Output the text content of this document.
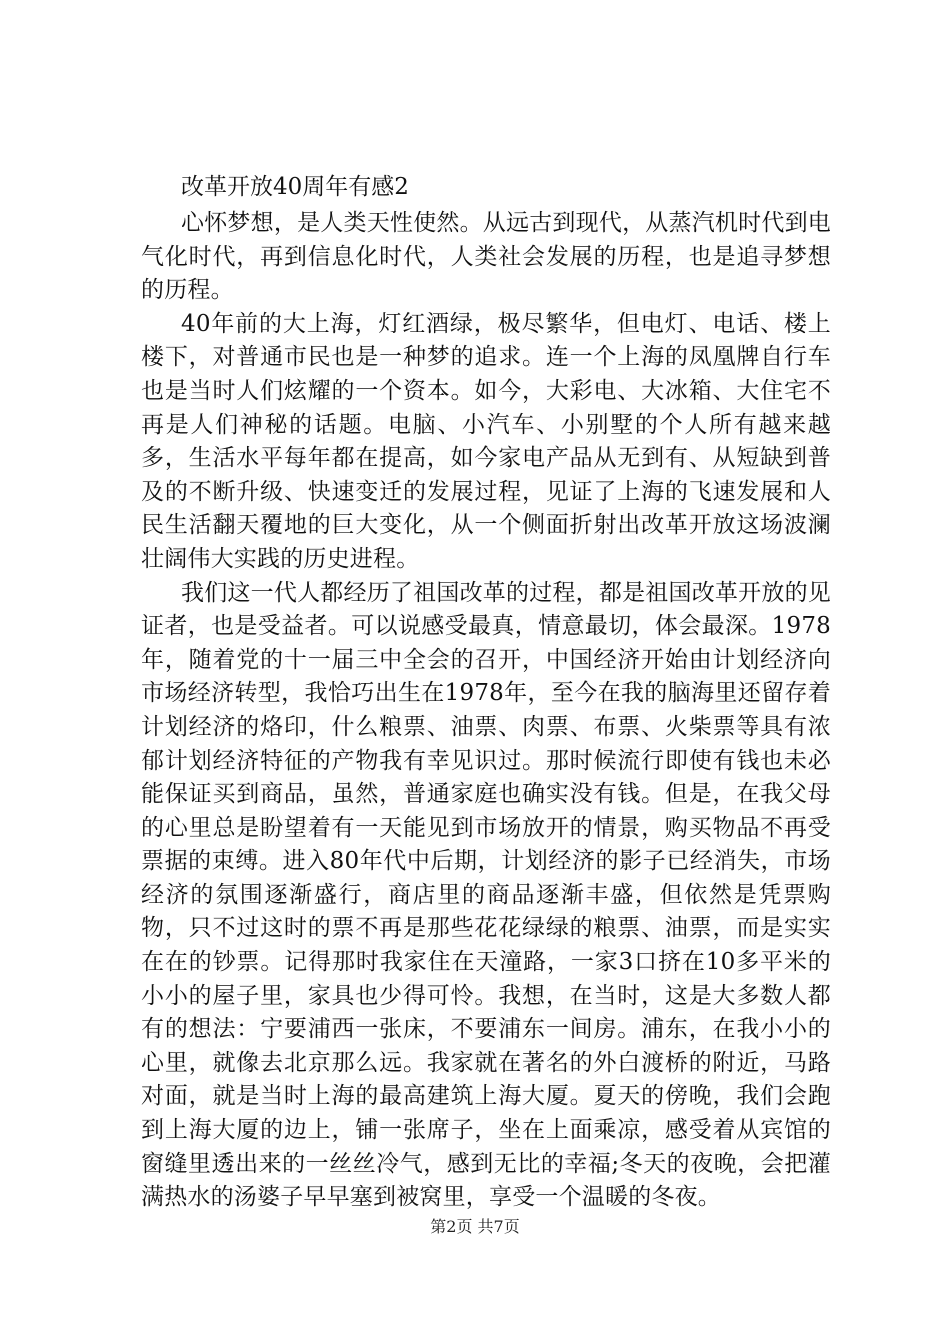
改革开放40周年有感2

心怀梦想，是人类天性使然。从远古到现代，从蒸汽机时代到电气化时代，再到信息化时代，人类社会发展的历程，也是追寻梦想的历程。

40年前的大上海，灯红酒绿，极尽繁华，但电灯、电话、楼上楼下，对普通市民也是一种梦的追求。连一个上海的凤凰牌自行车也是当时人们炫耀的一个资本。如今，大彩电、大冰箱、大住宅不再是人们神秘的话题。电脑、小汽车、小别墅的个人所有越来越多，生活水平每年都在提高，如今家电产品从无到有、从短缺到普及的不断升级、快速变迁的发展过程，见证了上海的飞速发展和人民生活翻天覆地的巨大变化，从一个侧面折射出改革开放这场波澜壮阔伟大实践的历史进程。

我们这一代人都经历了祖国改革的过程，都是祖国改革开放的见证者，也是受益者。可以说感受最真，情意最切，体会最深。1978年，随着党的十一届三中全会的召开，中国经济开始由计划经济向市场经济转型，我恰巧出生在1978年，至今在我的脑海里还留存着计划经济的烙印，什么粮票、油票、肉票、布票、火柴票等具有浓郁计划经济特征的产物我有幸见识过。那时候流行即使有钱也未必能保证买到商品，虽然，普通家庭也确实没有钱。但是，在我父母的心里总是盼望着有一天能见到市场放开的情景，购买物品不再受票据的束缚。进入80年代中后期，计划经济的影子已经消失，市场经济的氛围逐渐盛行，商店里的商品逐渐丰盛，但依然是凭票购物，只不过这时的票不再是那些花花绿绿的粮票、油票，而是实实在在的钞票。记得那时我家住在天潼路，一家3口挤在10多平米的小小的屋子里，家具也少得可怜。我想，在当时，这是大多数人都有的想法：宁要浦西一张床，不要浦东一间房。浦东，在我小小的心里，就像去北京那么远。我家就在著名的外白渡桥的附近，马路对面，就是当时上海的最高建筑上海大厦。夏天的傍晚，我们会跑到上海大厦的边上，铺一张席子，坐在上面乘凉，感受着从宾馆的窗缝里透出来的一丝丝冷气，感到无比的幸福;冬天的夜晚，会把灌满热水的汤婆子早早塞到被窝里，享受一个温暖的冬夜。

第2页 共7页
